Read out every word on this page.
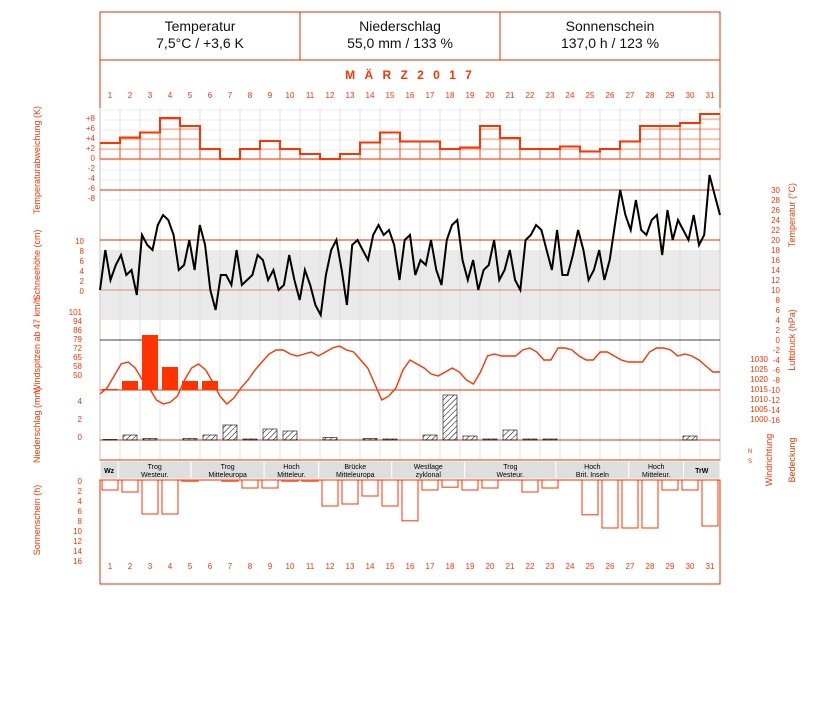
Temperatur
7,5°C / +3,6 K
Niederschlag
55,0 mm / 133 %
Sonnenschein
137,0 h / 123 %
M Ä R Z 2 0 1 7
1
1
2
2
3
3
4
4
5
5
6
6
7
7
8
8
9
9
10
10
11
11
12
12
13
13
14
14
15
15
16
16
17
17
18
18
19
19
20
20
21
21
22
22
23
23
24
24
25
25
26
26
27
27
28
28
29
29
30
30
31
31
+8
+6
+4
+2
0
-2
-4
-6
-8
10
8
6
4
2
0
30
28
26
24
22
20
18
16
14
12
10
8
6
4
2
0
-2
-4
-6
-8
-10
-12
-14
-16
101
94
86
79
72
65
58
50
1030
1025
1020
1015
1010
1005
1000
4
2
0
Wz
Trog
Westeur.
Trog
Mitteleuropa
Hoch
Mitteleur.
Brücke
Mitteleuropa
Westlage
zyklonal
Trog
Westeur.
Hoch
Brit. Inseln
Hoch
Mitteleur.
TrW
0
2
4
6
8
10
12
14
16
Temperaturabweichung (K)
Schneehöhe (cm)
Windspitzen ab 47 km/h
Niederschlag (mm)
Sonnenschein (h)
Temperatur (°C)
Luftdruck (hPa)
Windrichtung Bedeckung
N
S
